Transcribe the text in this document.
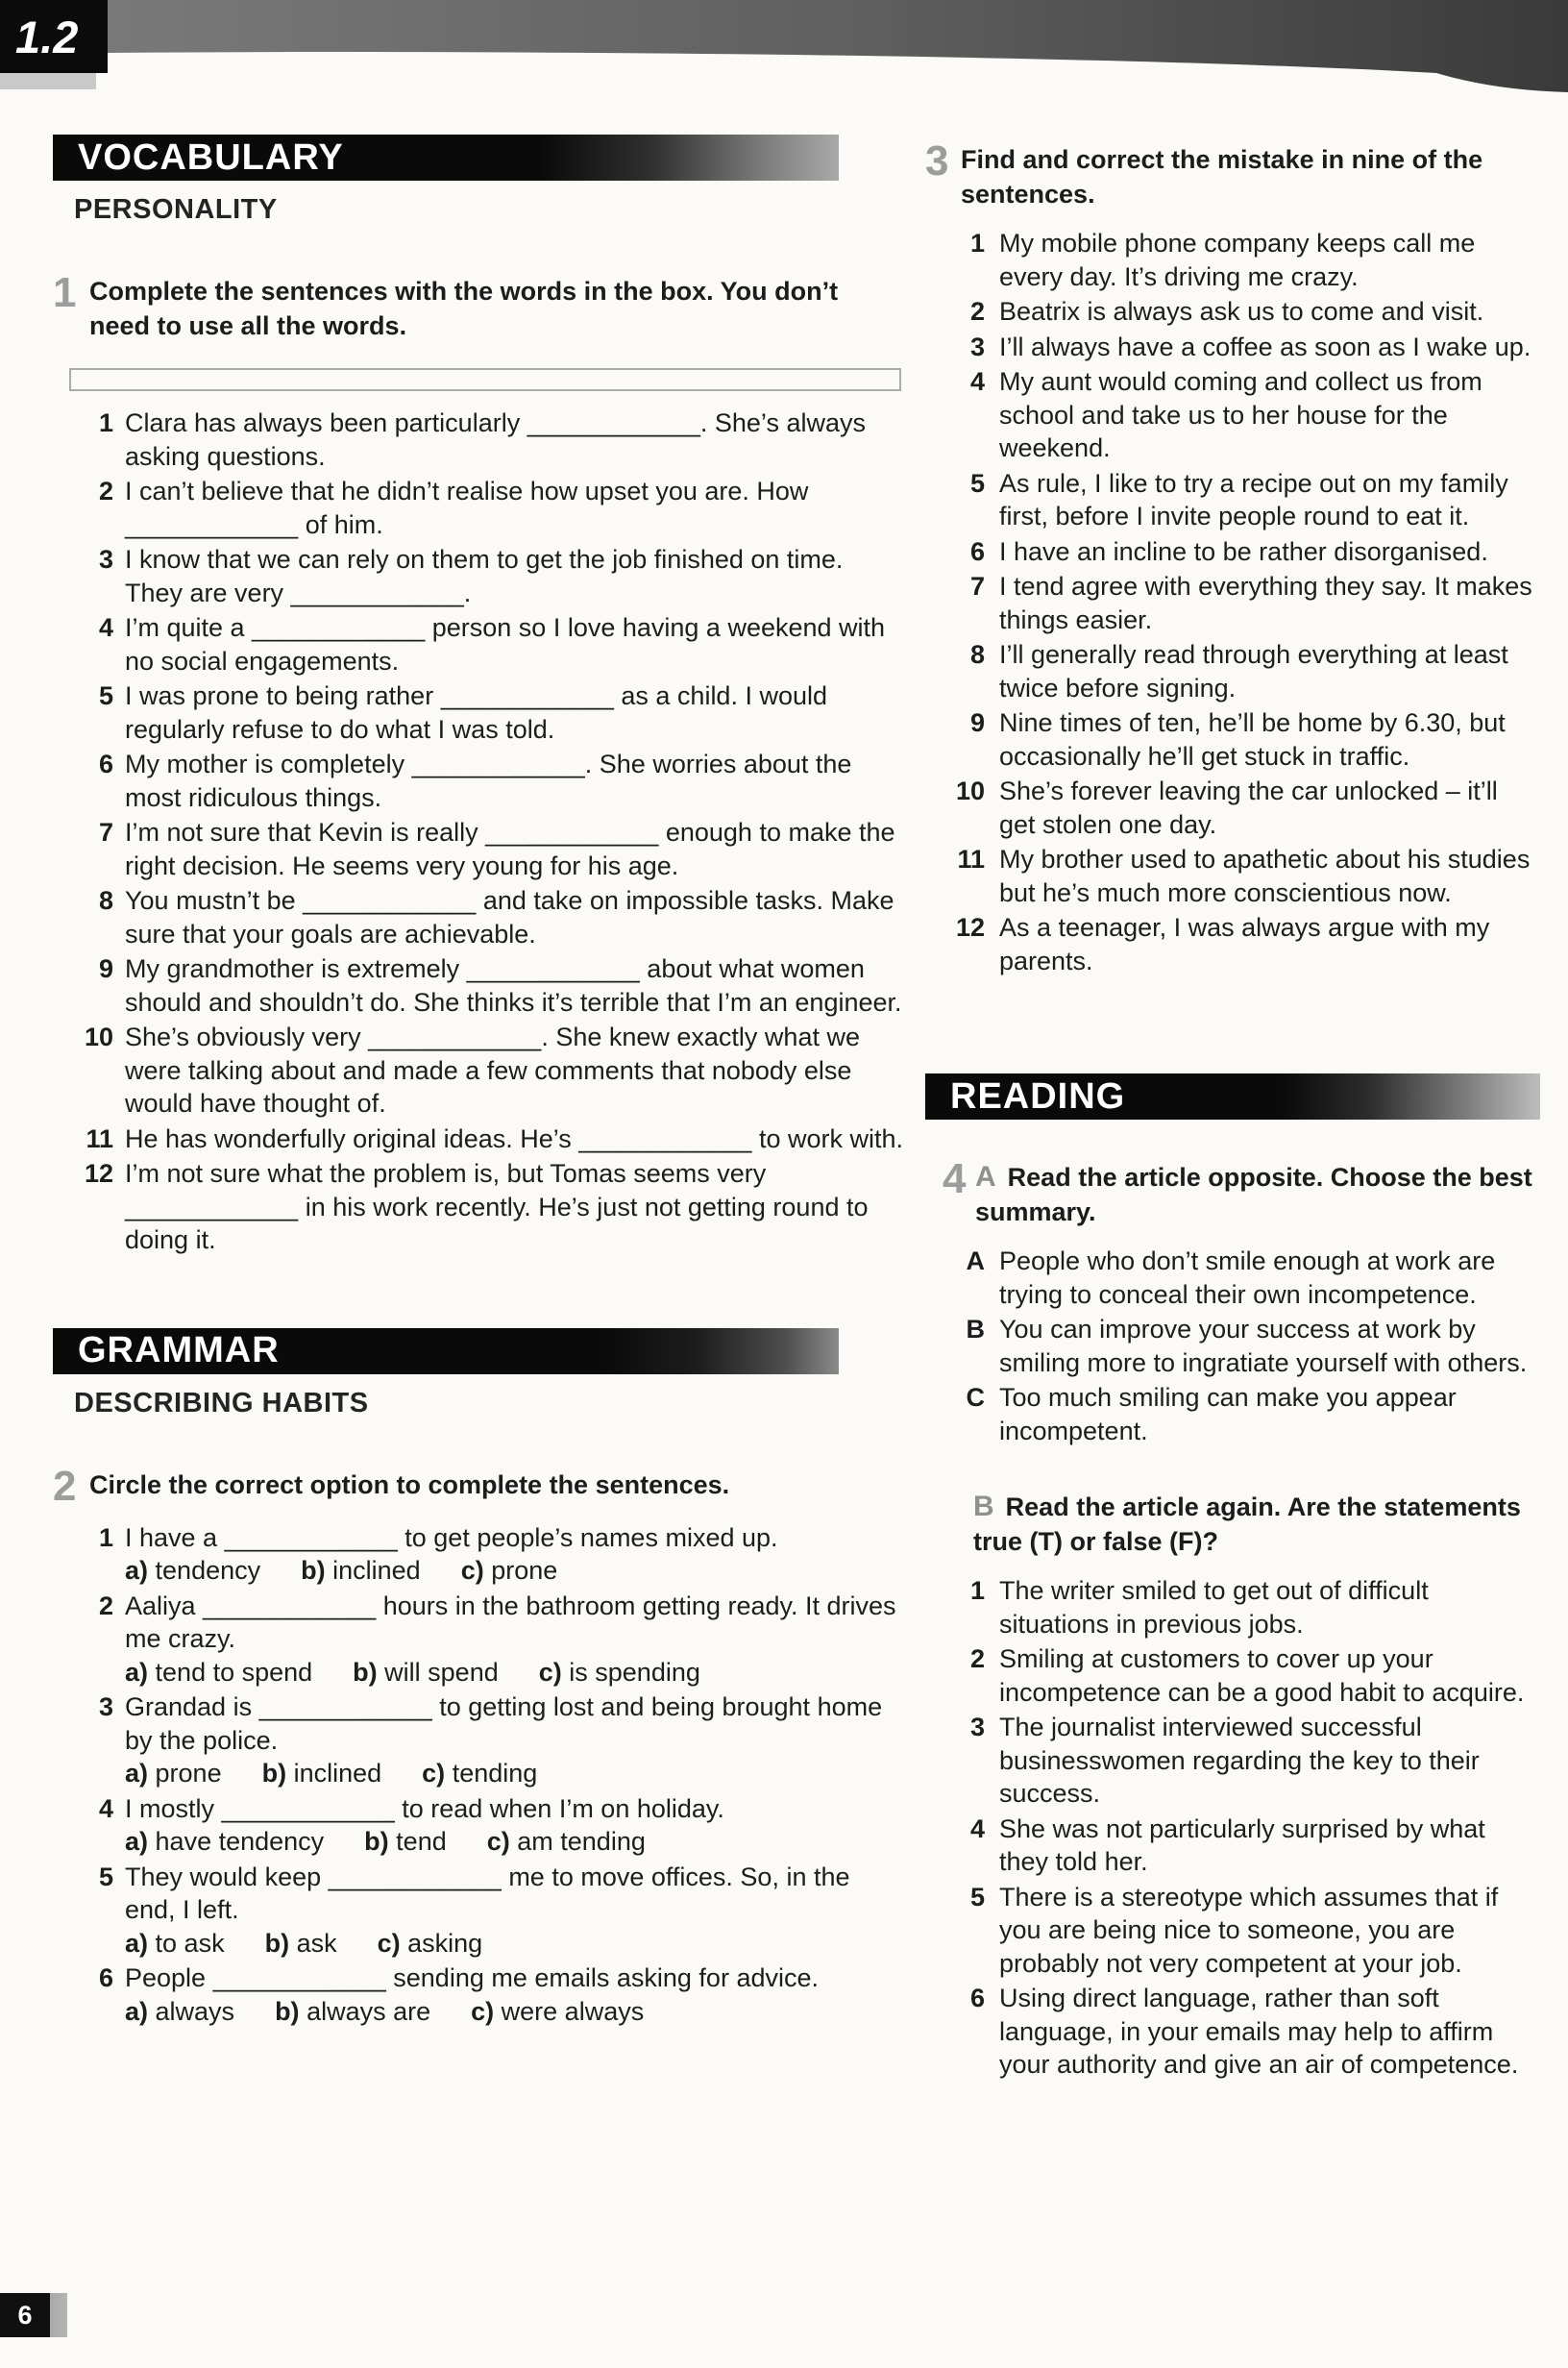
1.2
VOCABULARY
PERSONALITY
1 Complete the sentences with the words in the box. You don’t need to use all the words.
1 Clara has always been particularly ____________. She’s always asking questions.
2 I can’t believe that he didn’t realise how upset you are. How ____________ of him.
3 I know that we can rely on them to get the job finished on time. They are very ____________.
4 I’m quite a ____________ person so I love having a weekend with no social engagements.
5 I was prone to being rather ____________ as a child. I would regularly refuse to do what I was told.
6 My mother is completely ____________. She worries about the most ridiculous things.
7 I’m not sure that Kevin is really ____________ enough to make the right decision. He seems very young for his age.
8 You mustn’t be ____________ and take on impossible tasks. Make sure that your goals are achievable.
9 My grandmother is extremely ____________ about what women should and shouldn’t do. She thinks it’s terrible that I’m an engineer.
10 She’s obviously very ____________. She knew exactly what we were talking about and made a few comments that nobody else would have thought of.
11 He has wonderfully original ideas. He’s ____________ to work with.
12 I’m not sure what the problem is, but Tomas seems very ____________ in his work recently. He’s just not getting round to doing it.
GRAMMAR
DESCRIBING HABITS
2 Circle the correct option to complete the sentences.
1 I have a ____________ to get people’s names mixed up.
a) tendency b) inclined c) prone
2 Aaliya ____________ hours in the bathroom getting ready. It drives me crazy.
a) tend to spend b) will spend c) is spending
3 Grandad is ____________ to getting lost and being brought home by the police.
a) prone b) inclined c) tending
4 I mostly ____________ to read when I’m on holiday.
a) have tendency b) tend c) am tending
5 They would keep ____________ me to move offices. So, in the end, I left.
a) to ask b) ask c) asking
6 People ____________ sending me emails asking for advice.
a) always b) always are c) were always
3 Find and correct the mistake in nine of the sentences.
1 My mobile phone company keeps call me every day. It’s driving me crazy.
2 Beatrix is always ask us to come and visit.
3 I’ll always have a coffee as soon as I wake up.
4 My aunt would coming and collect us from school and take us to her house for the weekend.
5 As rule, I like to try a recipe out on my family first, before I invite people round to eat it.
6 I have an incline to be rather disorganised.
7 I tend agree with everything they say. It makes things easier.
8 I’ll generally read through everything at least twice before signing.
9 Nine times of ten, he’ll be home by 6.30, but occasionally he’ll get stuck in traffic.
10 She’s forever leaving the car unlocked – it’ll get stolen one day.
11 My brother used to apathetic about his studies but he’s much more conscientious now.
12 As a teenager, I was always argue with my parents.
READING
4 A Read the article opposite. Choose the best summary.
A People who don’t smile enough at work are trying to conceal their own incompetence.
B You can improve your success at work by smiling more to ingratiate yourself with others.
C Too much smiling can make you appear incompetent.
B Read the article again. Are the statements true (T) or false (F)?
1 The writer smiled to get out of difficult situations in previous jobs.
2 Smiling at customers to cover up your incompetence can be a good habit to acquire.
3 The journalist interviewed successful businesswomen regarding the key to their success.
4 She was not particularly surprised by what they told her.
5 There is a stereotype which assumes that if you are being nice to someone, you are probably not very competent at your job.
6 Using direct language, rather than soft language, in your emails may help to affirm your authority and give an air of competence.
6
